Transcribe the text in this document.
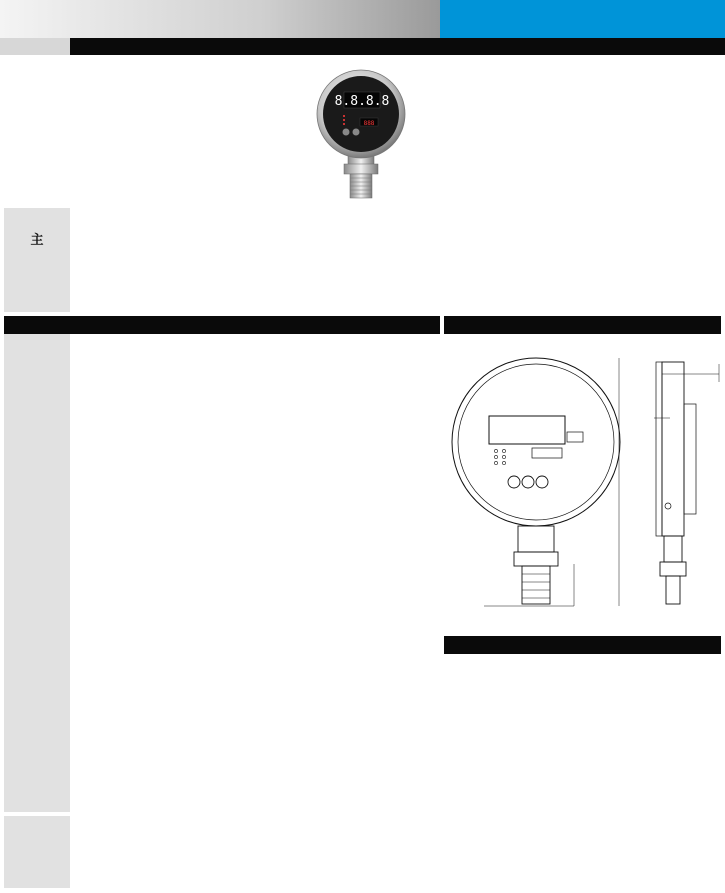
8.8.8.8
888
主
